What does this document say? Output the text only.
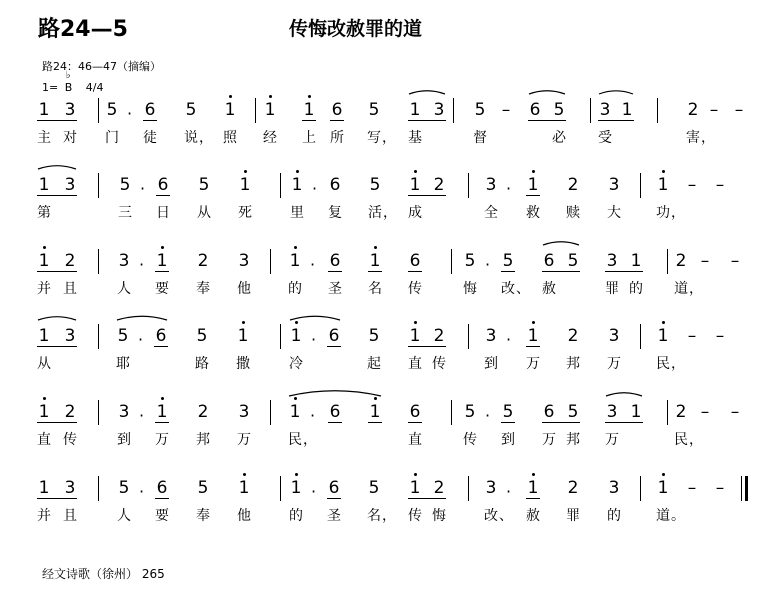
路24—5	传悔改赦罪的道
路24：46—47（摘编）
1=
♭
B 4/4
1 3 5 · 6 5 1 1 1 6 5 1 3 5 –	6 5 3 1	2 – –
主 对 门 徒 说 ， 照 经 上 所 写 ， 基	督	必 受	害 ，
1 3	5 · 6 5 1 1 · 6 5 1 2 3 · 1 2 3 1	–	–
第	三 日 从 死	里 复 活 ， 成	全 救 赎 大	功 ，
1 2	3 · 1 2 3 1 · 6 1 6	5 · 5 6 5 3 1 2 –	–
并 且	人 要 奉 他	的 圣 名 传	悔 改 、 赦	罪 的 道 ，
1 3 5 · 6 5 1 1 · 6 5 1 2 3 · 1 2 3 1	–	–
从	耶	路 撒	冷	起 直 传	到 万 邦 万	民 ，
1 2	3 · 1 2 3 1 · 6 1 6	5 · 5 6 5 3 1 2 –	–
直 传	到 万 邦 万	民 ，	直	传 到 万 邦 万	民 ，
1 3	5 · 6 5 1 1 · 6 5 1 2 3 · 1 2 3 1	–	–
并 且	人 要 奉 他	的 圣 名 ， 传 悔	改 、 赦 罪 的	道 。
经文诗歌（徐州） 265
